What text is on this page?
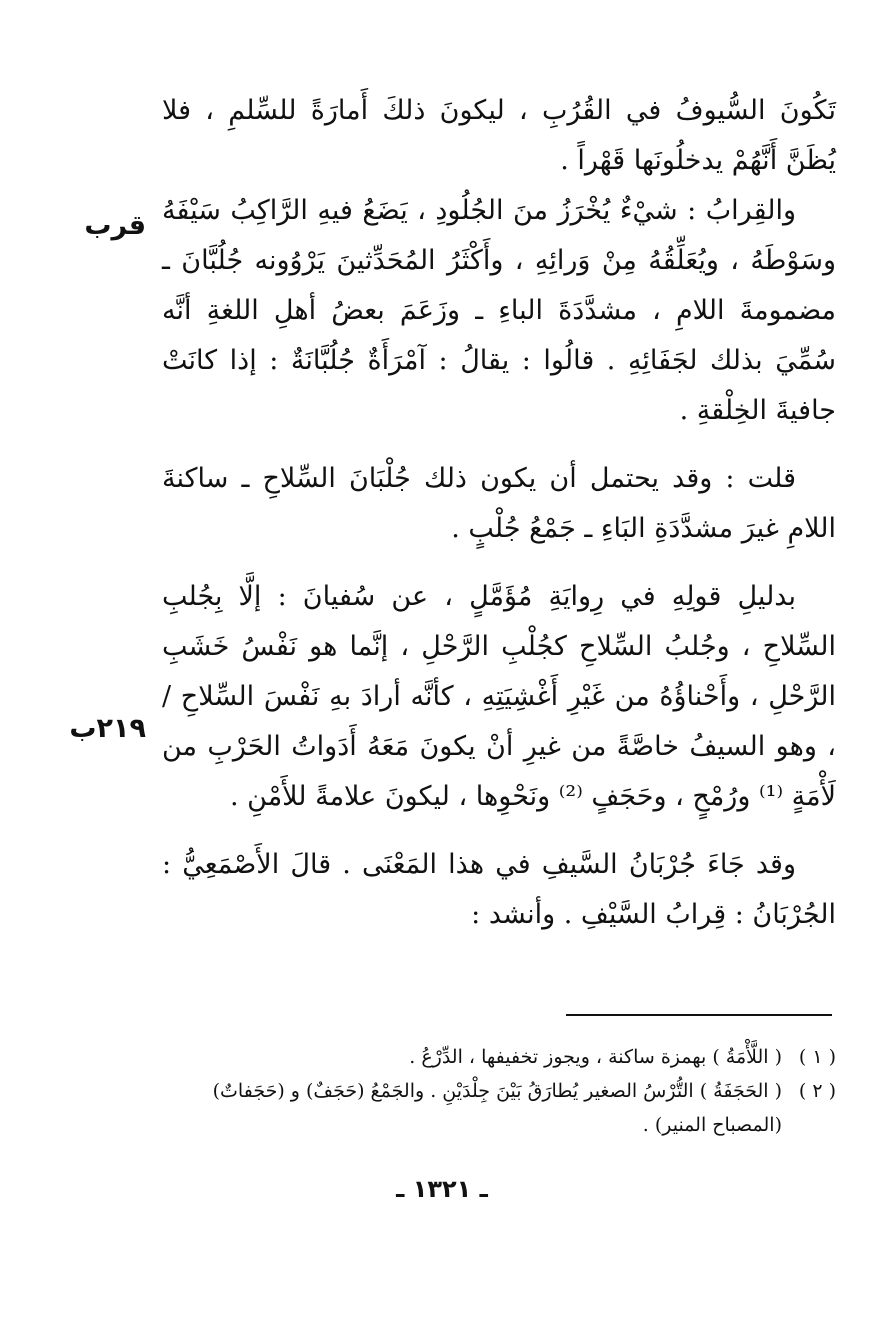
تَكُونَ السُّيوفُ في القُرُبِ ، ليكونَ ذلكَ أَمارَةً للسِّلمِ ، فلا يُظَنَّ أَنَّهُمْ يدخلُونَها قَهْراً .

والقِرابُ : شيْءٌ يُخْرَزُ منَ الجُلُودِ ، يَضَعُ فيهِ الرَّاكِبُ سَيْفَهُ وسَوْطَهُ ، ويُعَلِّقُهُ مِنْ وَرائِهِ ، وأَكْثَرُ المُحَدِّثينَ يَرْوُونه جُلُبَّانَ ـ مضمومةَ اللامِ ، مشدَّدَةَ الباءِ ـ وزَعَمَ بعضُ أهلِ اللغةِ أنَّه سُمِّيَ بذلك لجَفَائِهِ . قالُوا : يقالُ : آمْرَأَةٌ جُلُبَّانَةٌ : إذا كانَتْ جافيةَ الخِلْقةِ .

قلت : وقد يحتمل أن يكون ذلك جُلْبَانَ السِّلاحِ ـ ساكنةَ اللامِ غيرَ مشدَّدَةِ البَاءِ ـ جَمْعُ جُلْبٍ .

بدليلِ قولِهِ في رِوايَةِ مُؤَمَّلٍ ، عن سُفيانَ : إلَّا بِجُلبِ السِّلاحِ ، وجُلبُ السِّلاحِ كجُلْبِ الرَّحْلِ ، إنَّما هو نَفْسُ خَشَبِ الرَّحْلِ ، وأَحْناؤُهُ من غَيْرِ أَغْشِيَتِهِ ، كأنَّه أرادَ بهِ نَفْسَ السِّلاحِ / ، وهو السيفُ خاصَّةً من غيرِ أنْ يكونَ مَعَهُ أَدَواتُ الحَرْبِ من لَأْمَةٍ ⁽¹⁾ ورُمْحٍ ، وحَجَفٍ ⁽²⁾ ونَحْوِها ، ليكونَ علامةً للأَمْنِ .

وقد جَاءَ جُرْبَانُ السَّيفِ في هذا المَعْنَى . قالَ الأَصْمَعِيُّ : الجُرْبَانُ : قِرابُ السَّيْفِ . وأنشد :

قرب
٢١٩ب
( ١ )
( اللَّأْمَةُ ) بهمزة ساكنة ، ويجوز تخفيفها ، الدِّرْعُ .
( ٢ )
( الحَجَفَةُ ) التُّرْسُ الصغير يُطارَقُ بَيْنَ جِلْدَيْنِ . والجَمْعُ (حَجَفٌ) و (حَجَفاتٌ) (المصباح المنير) .
ـ ١٣٢١ ـ
